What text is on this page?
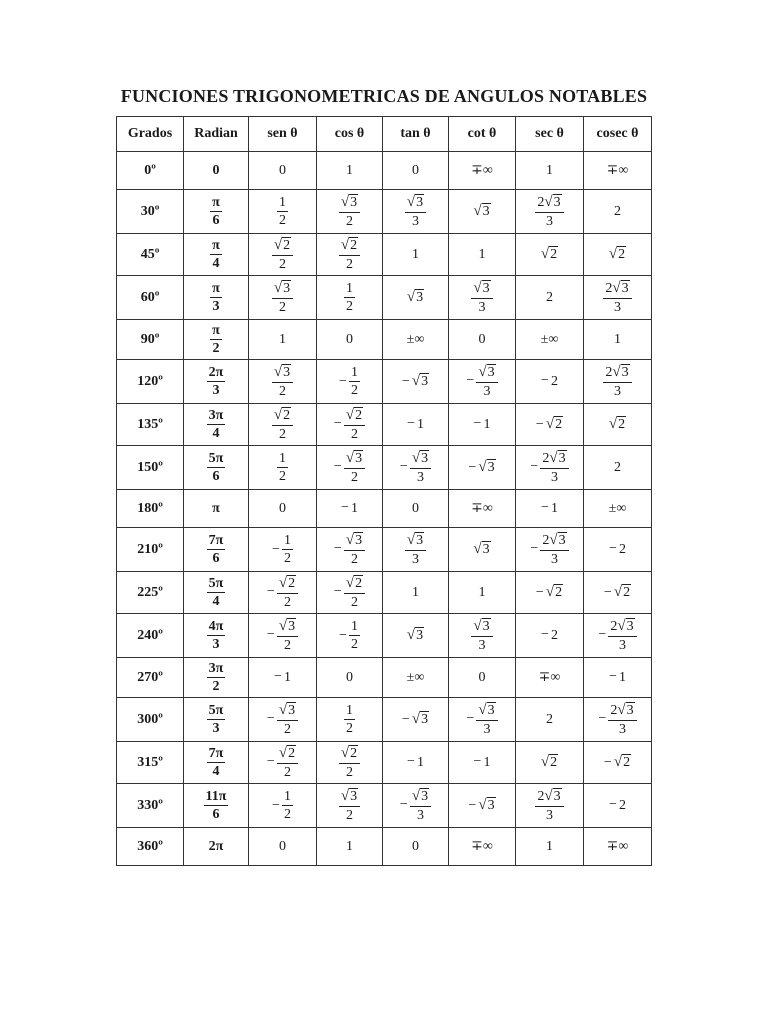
FUNCIONES TRIGONOMETRICAS DE ANGULOS NOTABLES
Grados	Radian	sen θ	cos θ	tan θ	cot θ	sec θ	cosec θ
0º	0	0	1	0	∓∞	1	∓∞
30º	$\frac{\pi}{6}$	$\frac{1}{2}$	$\frac{√3}{2}$	$\frac{√3}{3}$	√3	$\frac{2√3}{3}$	2
45º	$\frac{\pi}{4}$	$\frac{√2}{2}$	$\frac{√2}{2}$	1	1	√2	√2
60º	$\frac{\pi}{3}$	$\frac{√3}{2}$	$\frac{1}{2}$	√3	$\frac{√3}{3}$	2	$\frac{2√3}{3}$

90º	$\frac{\pi}{2}$	1	0	±∞	0	±∞	1
120º	$\frac{2\pi}{3}$	$\frac{√3}{2}$	− $\frac{1}{2}$	− √3	− $\frac{√3}{3}$	− 2	$\frac{2√3}{3}$

135º	$\frac{3\pi}{4}$	$\frac{√2}{2}$	− $\frac{√2}{2}$	− 1	− 1	− √2	√2
150º	$\frac{5\pi}{6}$	$\frac{1}{2}$	− $\frac{√3}{2}$	− $\frac{√3}{3}$	− √3	− $\frac{2√3}{3}$	2
180º	π	0	− 1	0	∓∞	− 1	±∞
210º	$\frac{7\pi}{6}$	− $\frac{1}{2}$	− $\frac{√3}{2}$	$\frac{√3}{3}$	√3	− $\frac{2√3}{3}$	− 2
225º	$\frac{5\pi}{4}$	− $\frac{√2}{2}$	− $\frac{√2}{2}$	1	1	− √2	− √2
240º	$\frac{4\pi}{3}$	− $\frac{√3}{2}$	− $\frac{1}{2}$	√3	$\frac{√3}{3}$	− 2	− $\frac{2√3}{3}$

270º	$\frac{3\pi}{2}$	− 1	0	±∞	0	∓∞	− 1
300º	$\frac{5\pi}{3}$	− $\frac{√3}{2}$	$\frac{1}{2}$	− √3	− $\frac{√3}{3}$	2	− $\frac{2√3}{3}$

315º	$\frac{7\pi}{4}$	− $\frac{√2}{2}$	$\frac{√2}{2}$	− 1	− 1	√2	− √2
330º	$\frac{11\pi}{6}$	− $\frac{1}{2}$	$\frac{√3}{2}$	− $\frac{√3}{3}$	− √3	$\frac{2√3}{3}$	− 2
360º	2π	0	1	0	∓∞	1	∓∞
